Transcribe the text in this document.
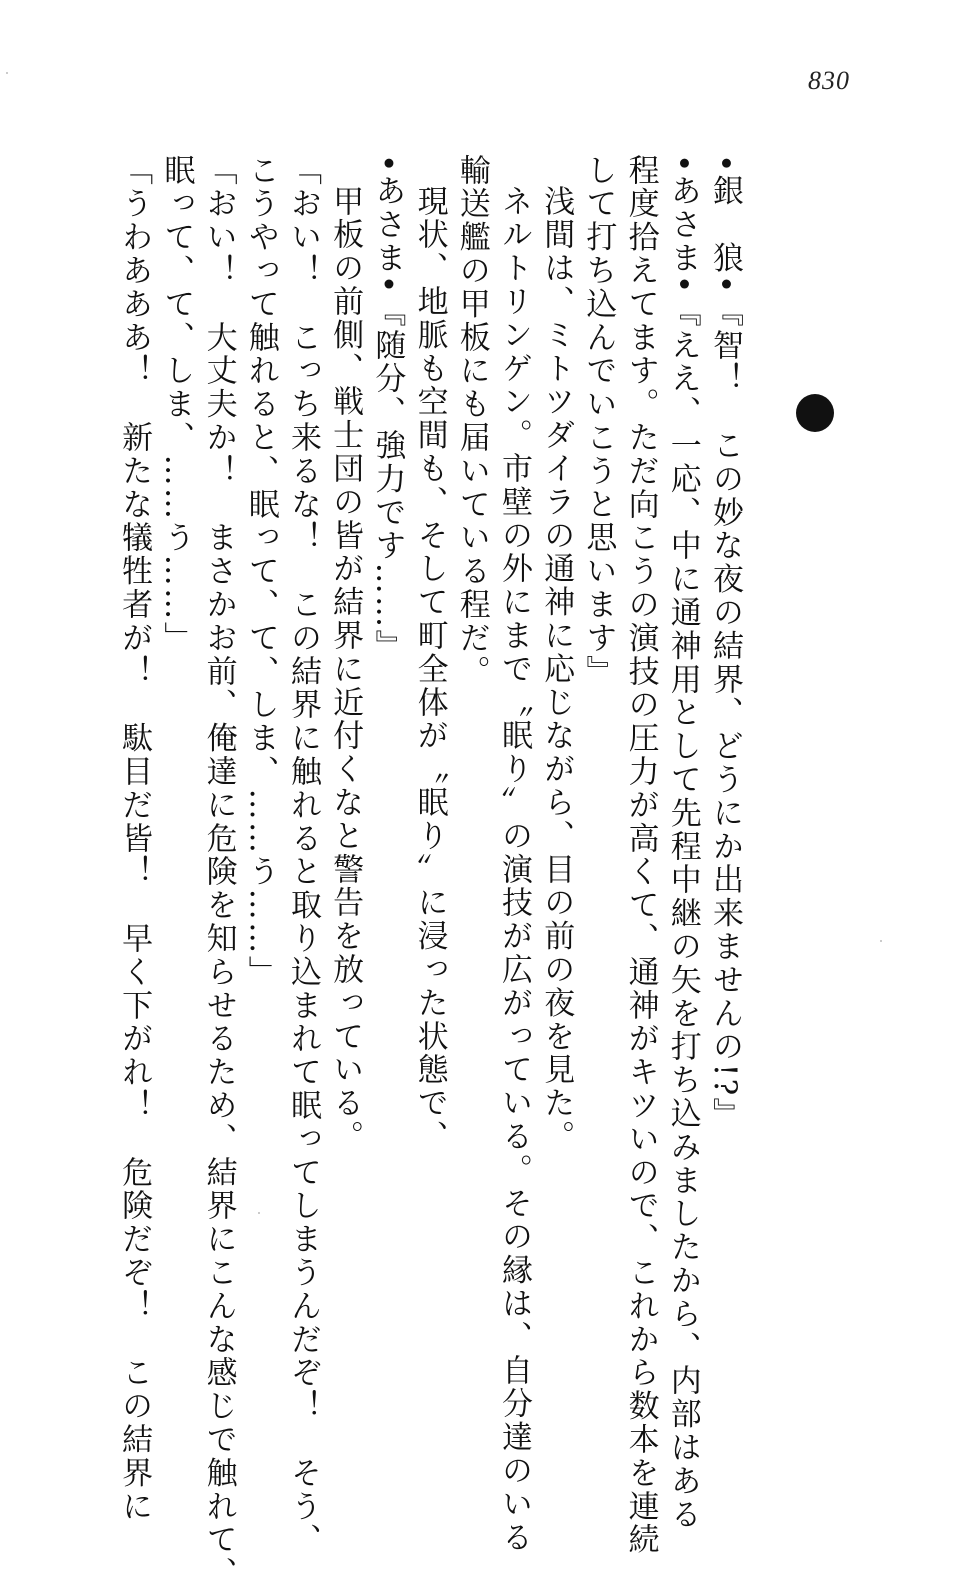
830
•銀　狼•『智！　この妙な夜の結界、どうにか出来ませんの!?』
•あさま•『ええ、一応、中に通神用として先程中継の矢を打ち込みましたから、内部はある
程度拾えてます。ただ向こうの演技の圧力が高くて、通神がキツいので、これから数本を連続
して打ち込んでいこうと思います』
浅間は、ミトツダイラの通神に応じながら、目の前の夜を見た。
ネルトリンゲン。市壁の外にまで〝眠り〟の演技が広がっている。その縁は、自分達のいる
輸送艦の甲板にも届いている程だ。
現状、地脈も空間も、そして町全体が〝眠り〟に浸った状態で、
•あさま•『随分、強力です……』
甲板の前側、戦士団の皆が結界に近付くなと警告を放っている。
「おい！　こっち来るな！　この結界に触れると取り込まれて眠ってしまうんだぞ！　そう、
こうやって触れると、眠って、て、しま、……う……」
「おい！　大丈夫か！　まさかお前、俺達に危険を知らせるため、結界にこんな感じで触れて、
眠って、て、しま、……う……」
「うわあああ！　新たな犠牲者が！　駄目だ皆！　早く下がれ！　危険だぞ！　この結界に
